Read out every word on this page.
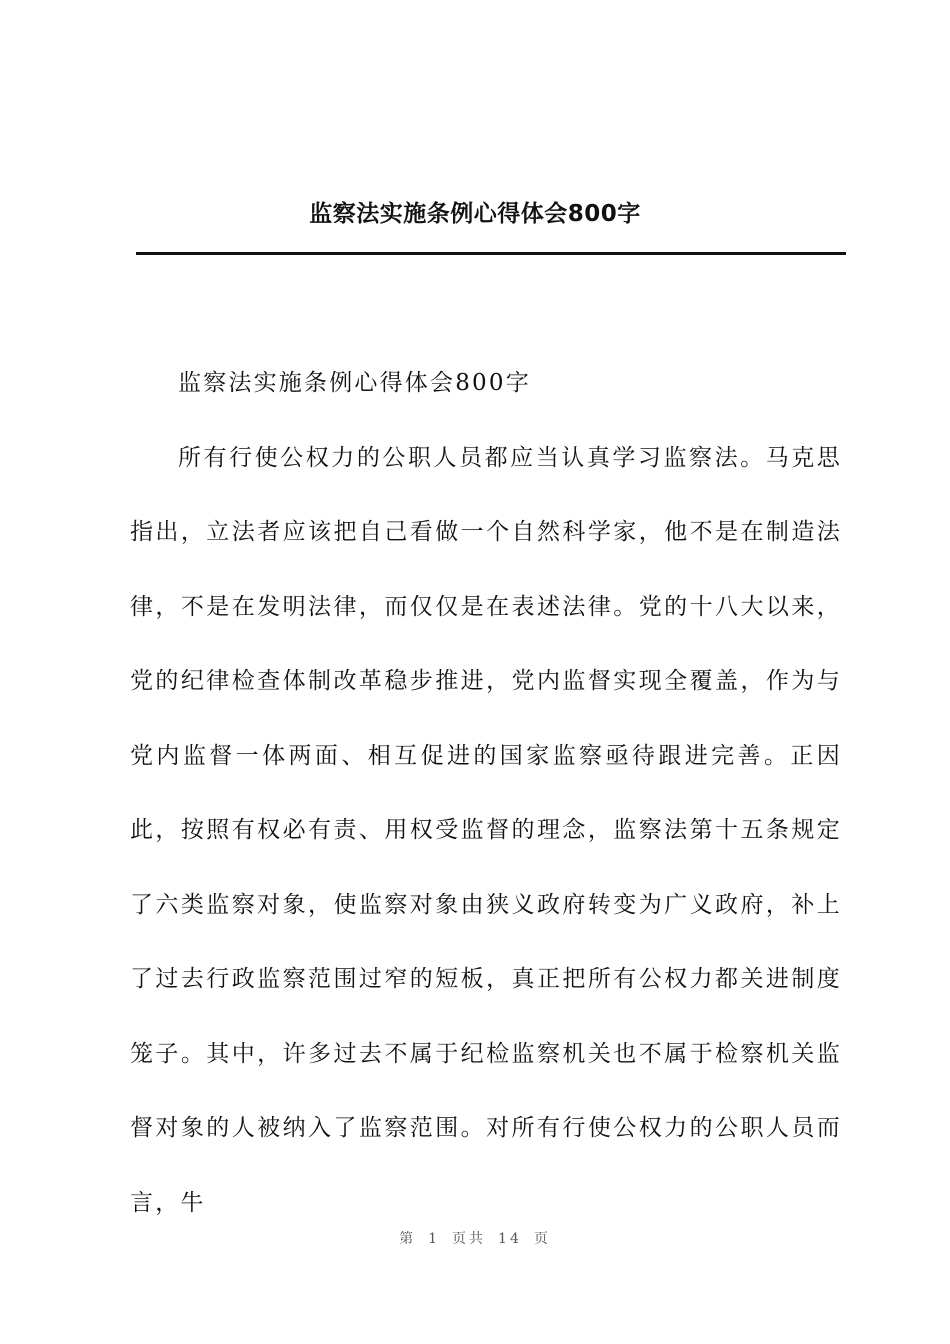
监察法实施条例心得体会800字

监察法实施条例心得体会800字

所有行使公权力的公职人员都应当认真学习监察法。马克思指出，立法者应该把自己看做一个自然科学家，他不是在制造法律，不是在发明法律，而仅仅是在表述法律。党的十八大以来，党的纪律检查体制改革稳步推进，党内监督实现全覆盖，作为与党内监督一体两面、相互促进的国家监察亟待跟进完善。正因此，按照有权必有责、用权受监督的理念，监察法第十五条规定了六类监察对象，使监察对象由狭义政府转变为广义政府，补上了过去行政监察范围过窄的短板，真正把所有公权力都关进制度笼子。其中，许多过去不属于纪检监察机关也不属于检察机关监督对象的人被纳入了监察范围。对所有行使公权力的公职人员而言，牛

第 1 页共 14 页
